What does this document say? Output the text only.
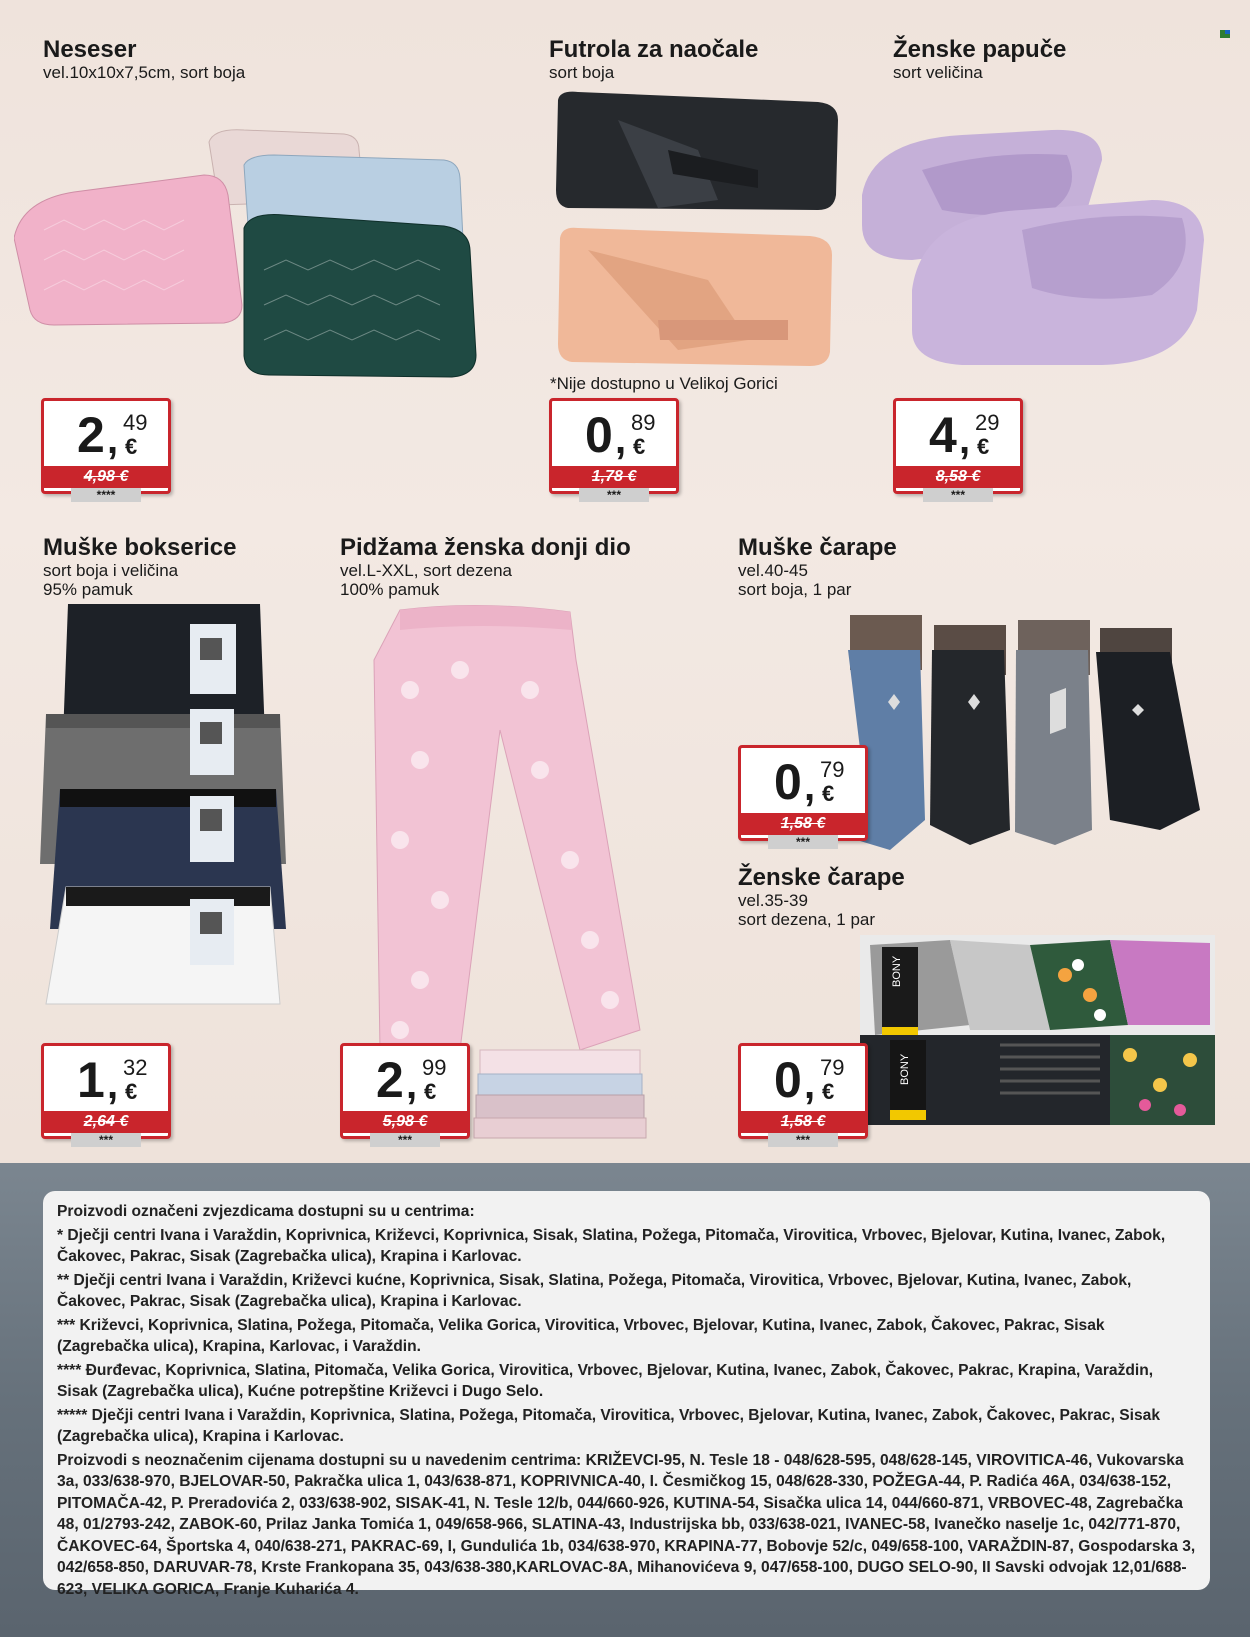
Neseser
vel.10x10x7,5cm, sort boja
2 , 49
€
4,98 €
****
Futrola za naočale
sort boja
*Nije dostupno u Velikoj Gorici
0 , 89
€
1,78 €
***
Ženske papuče
sort veličina
4 , 29
€
8,58 €
***
Muške bokserice
sort boja i veličina
95% pamuk
1 , 32
€
2,64 €
***
Pidžama ženska donji dio
vel.L-XXL, sort dezena
100% pamuk
2 , 99
€
5,98 €
***
Muške čarape
vel.40-45
sort boja, 1 par
0 , 79
€
1,58 €
***
Ženske čarape
vel.35-39
sort dezena, 1 par
BONY
BONY
0 , 79
€
1,58 €
***

Proizvodi označeni zvjezdicama dostupni su u centrima:

* Dječji centri Ivana i Varaždin, Koprivnica, Križevci, Koprivnica, Sisak, Slatina, Požega, Pitomača, Virovitica, Vrbovec, Bjelovar, Kutina, Ivanec, Zabok, Čakovec, Pakrac, Sisak (Zagrebačka ulica), Krapina i Karlovac.

** Dječji centri Ivana i Varaždin, Križevci kućne, Koprivnica, Sisak, Slatina, Požega, Pitomača, Virovitica, Vrbovec, Bjelovar, Kutina, Ivanec, Zabok, Čakovec, Pakrac, Sisak (Zagrebačka ulica), Krapina i Karlovac.

*** Križevci, Koprivnica, Slatina, Požega, Pitomača, Velika Gorica, Virovitica, Vrbovec, Bjelovar, Kutina, Ivanec, Zabok, Čakovec, Pakrac, Sisak (Zagrebačka ulica), Krapina, Karlovac, i Varaždin.

**** Đurđevac, Koprivnica, Slatina, Pitomača, Velika Gorica, Virovitica, Vrbovec, Bjelovar, Kutina, Ivanec, Zabok, Čakovec, Pakrac, Krapina, Varaždin, Sisak (Zagrebačka ulica), Kućne potrepštine Križevci i Dugo Selo.

***** Dječji centri Ivana i Varaždin, Koprivnica, Slatina, Požega, Pitomača, Virovitica, Vrbovec, Bjelovar, Kutina, Ivanec, Zabok, Čakovec, Pakrac, Sisak (Zagrebačka ulica), Krapina i Karlovac.

Proizvodi s neoznačenim cijenama dostupni su u navedenim centrima: KRIŽEVCI-95, N. Tesle 18 - 048/628-595, 048/628-145, VIROVITICA-46, Vukovarska 3a, 033/638-970, BJELOVAR-50, Pakračka ulica 1, 043/638-871, KOPRIVNICA-40, I. Česmičkog 15, 048/628-330, POŽEGA-44, P. Radića 46A, 034/638-152, PITOMAČA-42, P. Preradovića 2, 033/638-902, SISAK-41, N. Tesle 12/b, 044/660-926, KUTINA-54, Sisačka ulica 14, 044/660-871, VRBOVEC-48, Zagrebačka 48, 01/2793-242, ZABOK-60, Prilaz Janka Tomića 1, 049/658-966, SLATINA-43, Industrijska bb, 033/638-021, IVANEC-58, Ivanečko naselje 1c, 042/771-870, ČAKOVEC-64, Športska 4, 040/638-271, PAKRAC-69, I, Gundulića 1b, 034/638-970, KRAPINA-77, Bobovje 52/c, 049/658-100, VARAŽDIN-87, Gospodarska 3, 042/658-850, DARUVAR-78, Krste Frankopana 35, 043/638-380,KARLOVAC-8A, Mihanovićeva 9, 047/658-100, DUGO SELO-90, II Savski odvojak 12,01/688-623, VELIKA GORICA, Franje Kuharića 4.
